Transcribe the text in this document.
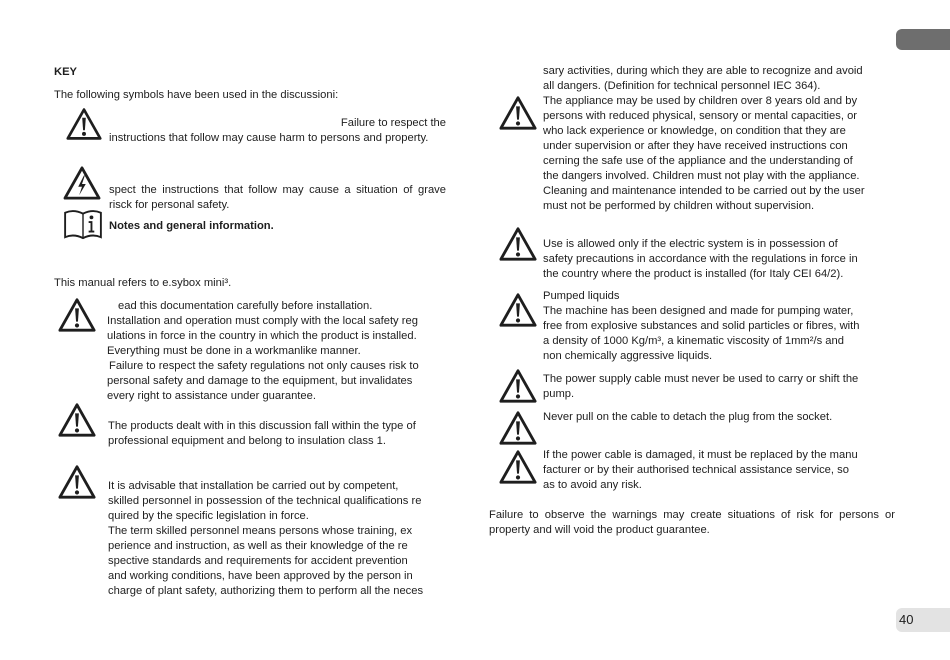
40
KEY
The following symbols have been used in the discussioni:
Failure to respect the
instructions that follow may cause harm to persons and property.
spect the instructions that follow may cause a situation of grave risck for personal safety.
Notes and general information.
This manual refers to e.sybox mini³.

ead this documentation carefully before installation.

Installation and operation must comply with the local safety reg

ulations in force in the country in which the product is installed.

Everything must be done in a workmanlike manner.

Failure to respect the safety regulations not only causes risk to

personal safety and damage to the equipment, but invalidates

every right to assistance under guarantee.

The products dealt with in this discussion fall within the type of

professional equipment and belong to insulation class 1.

It is advisable that installation be carried out by competent,

skilled personnel in possession of the technical qualifications re

quired by the specific legislation in force.

The term skilled personnel means persons whose training, ex

perience and instruction, as well as their knowledge of the re

spective standards and requirements for accident prevention

and working conditions, have been approved by the person in

charge of plant safety, authorizing them to perform all the neces

sary activities, during which they are able to recognize and avoid

all dangers. (Definition for technical personnel IEC 364).

The appliance may be used by children over 8 years old and by

persons with reduced physical, sensory or mental capacities, or

who lack experience or knowledge, on condition that they are

under supervision or after they have received instructions con

cerning the safe use of the appliance and the understanding of

the dangers involved. Children must not play with the appliance.

Cleaning and maintenance intended to be carried out by the user

must not be performed by children without supervision.

Use is allowed only if the electric system is in possession of

safety precautions in accordance with the regulations in force in

the country where the product is installed (for Italy CEI 64/2).

Pumped liquids

The machine has been designed and made for pumping water,

free from explosive substances and solid particles or fibres, with

a density of 1000 Kg/m³, a kinematic viscosity of 1mm²/s and

non chemically aggressive liquids.

The power supply cable must never be used to carry or shift the

pump.

Never pull on the cable to detach the plug from the socket.

If the power cable is damaged, it must be replaced by the manu

facturer or by their authorised technical assistance service, so

as to avoid any risk.

Failure to observe the warnings may create situations of risk for persons or property and will void the product guarantee.
